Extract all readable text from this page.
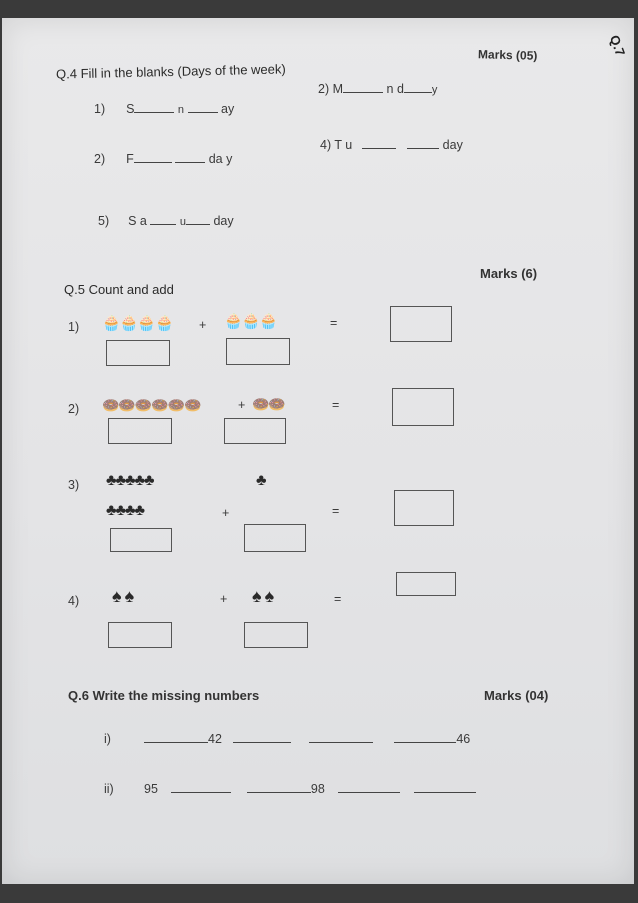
Q.7
Q.4 Fill in the blanks (Days of the week)
Marks (05)
1) S	n	ay
2) M	n d	y
2) F	da y
4) T u	day
5) S a	u day
Q.5 Count and add
Marks (6)
1) 🧁🧁🧁🧁 + 🧁🧁🧁	=
2) 🍩🍩🍩🍩🍩🍩	+ 🍩🍩	=
3) ♣♣♣♣♣	♣
♣♣♣♣	+	=
4) ♠ ♠	+ ♠ ♠	=
Q.6 Write the missing numbers	Marks (04)
i)	42	46
ii) 95	98
